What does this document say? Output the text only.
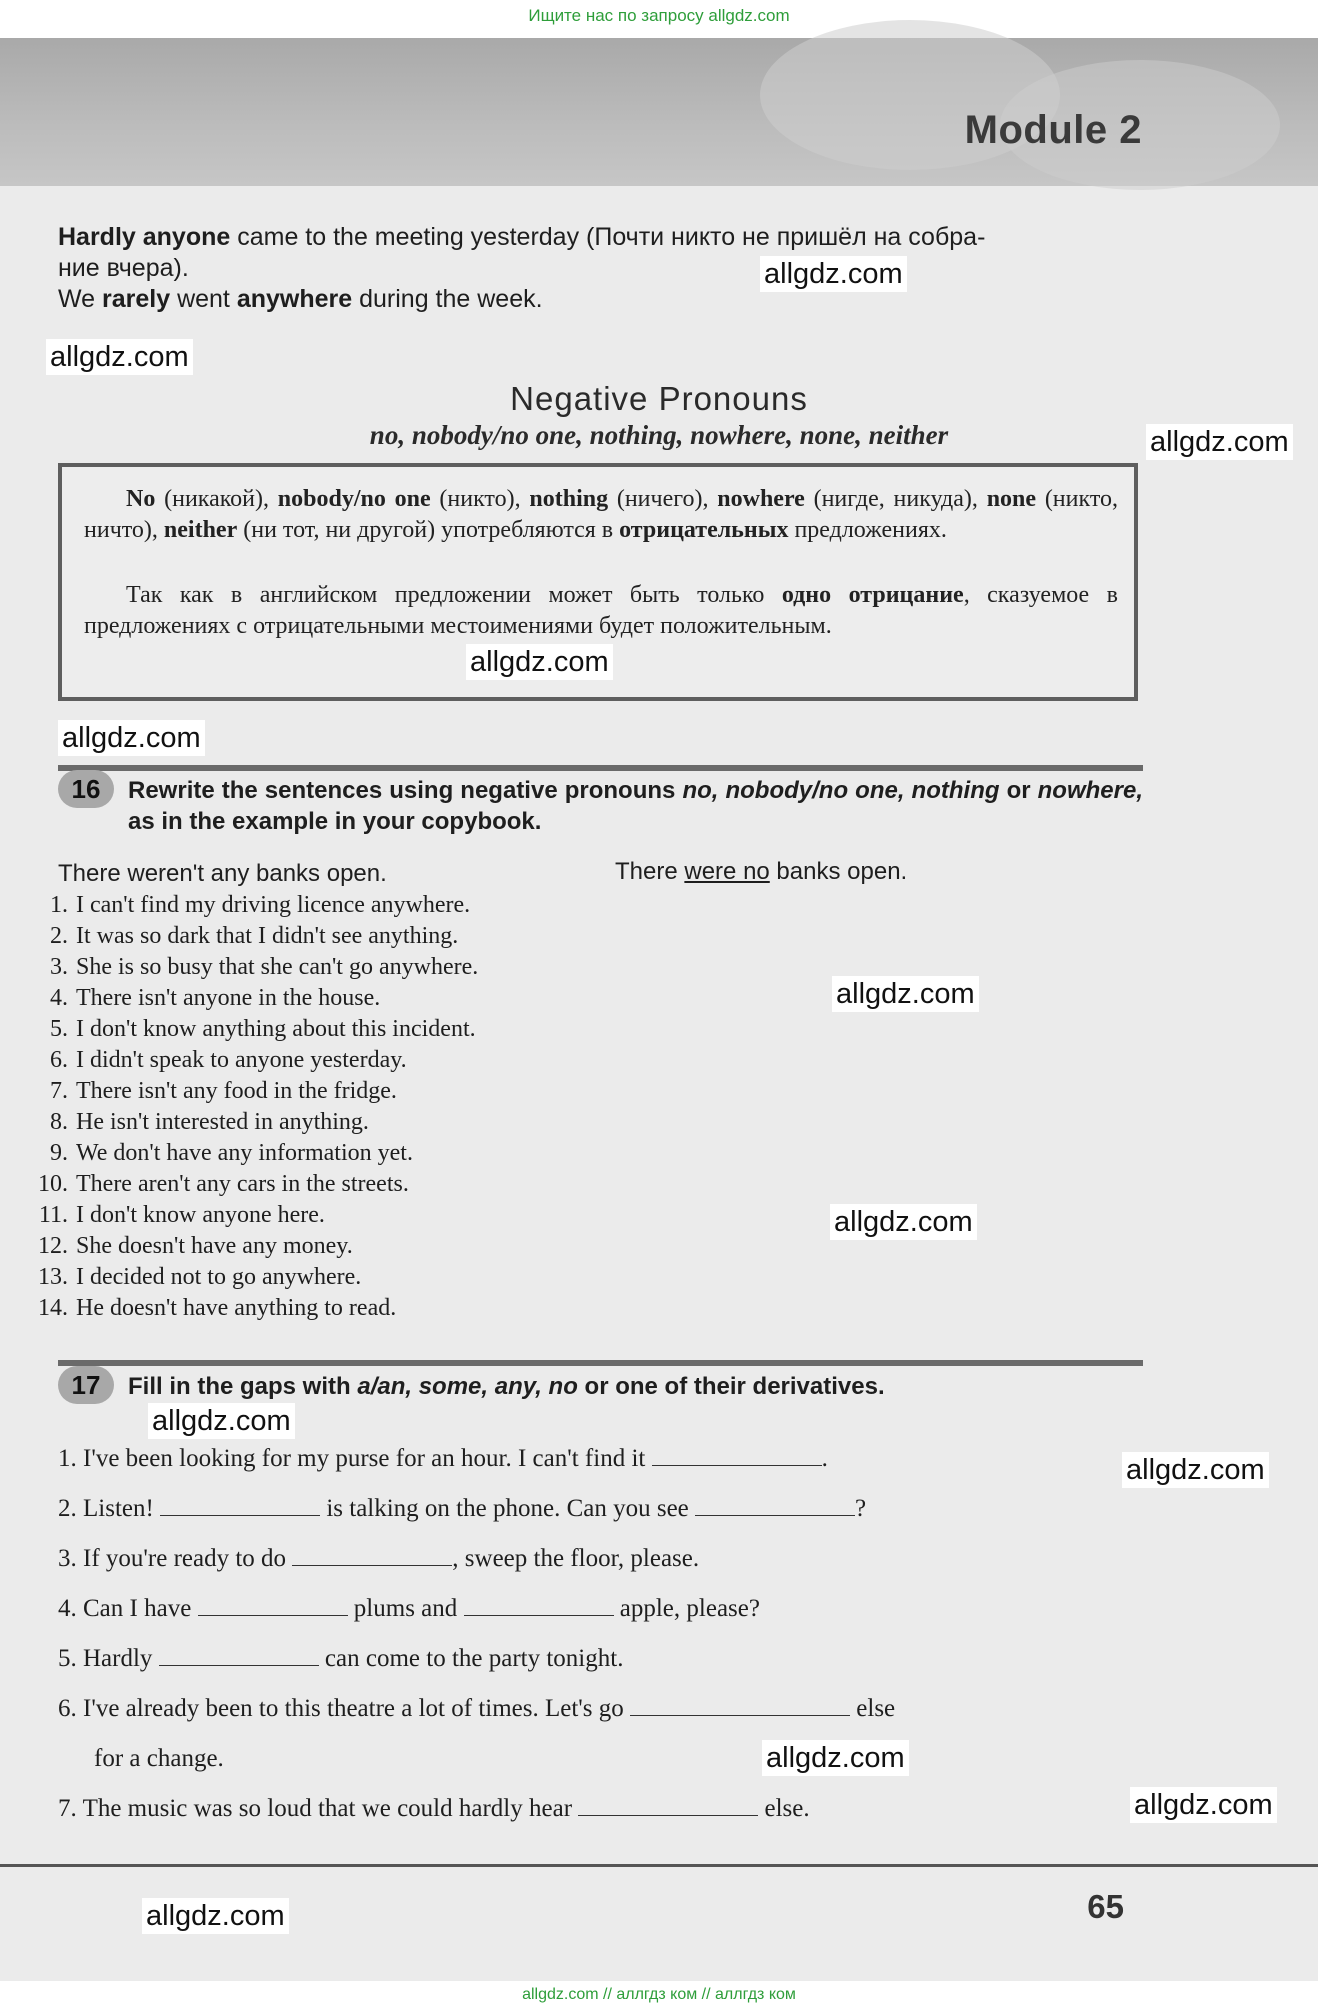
Ищите нас по запросу allgdz.com
Module 2
Hardly anyone came to the meeting yesterday (Почти никто не пришёл на собра-
ние вчера).
We rarely went anywhere during the week.
Negative Pronouns
no, nobody/no one, nothing, nowhere, none, neither
No (никакой), nobody/no one (никто), nothing (ничего), nowhere (нигде, никуда), none (никто, ничто), neither (ни тот, ни другой) употребляются в отрицательных предложениях.
Так как в английском предложении может быть только одно отрицание, сказуемое в предложениях с отрицательными местоимениями будет положительным.
16	Rewrite the sentences using negative pronouns no, nobody/no one, nothing or nowhere, as in the example in your copybook.
There weren't any banks open.	There were no banks open.
1. I can't find my driving licence anywhere.
2. It was so dark that I didn't see anything.
3. She is so busy that she can't go anywhere.
4. There isn't anyone in the house.
5. I don't know anything about this incident.
6. I didn't speak to anyone yesterday.
7. There isn't any food in the fridge.
8. He isn't interested in anything.
9. We don't have any information yet.
10. There aren't any cars in the streets.
11. I don't know anyone here.
12. She doesn't have any money.
13. I decided not to go anywhere.
14. He doesn't have anything to read.
17	Fill in the gaps with a/an, some, any, no or one of their derivatives.
1. I've been looking for my purse for an hour. I can't find it	.
2. Listen!	is talking on the phone. Can you see	?
3. If you're ready to do	, sweep the floor, please.
4. Can I have	plums and	apple, please?
5. Hardly	can come to the party tonight.
6. I've already been to this theatre a lot of times. Let's go	else
for a change.
7. The music was so loud that we could hardly hear	else.
65
allgdz.com
allgdz.com
allgdz.com
allgdz.com
allgdz.com
allgdz.com
allgdz.com
allgdz.com
allgdz.com
allgdz.com
allgdz.com
allgdz.com
allgdz.com // аллгдз ком // аллгдз ком
